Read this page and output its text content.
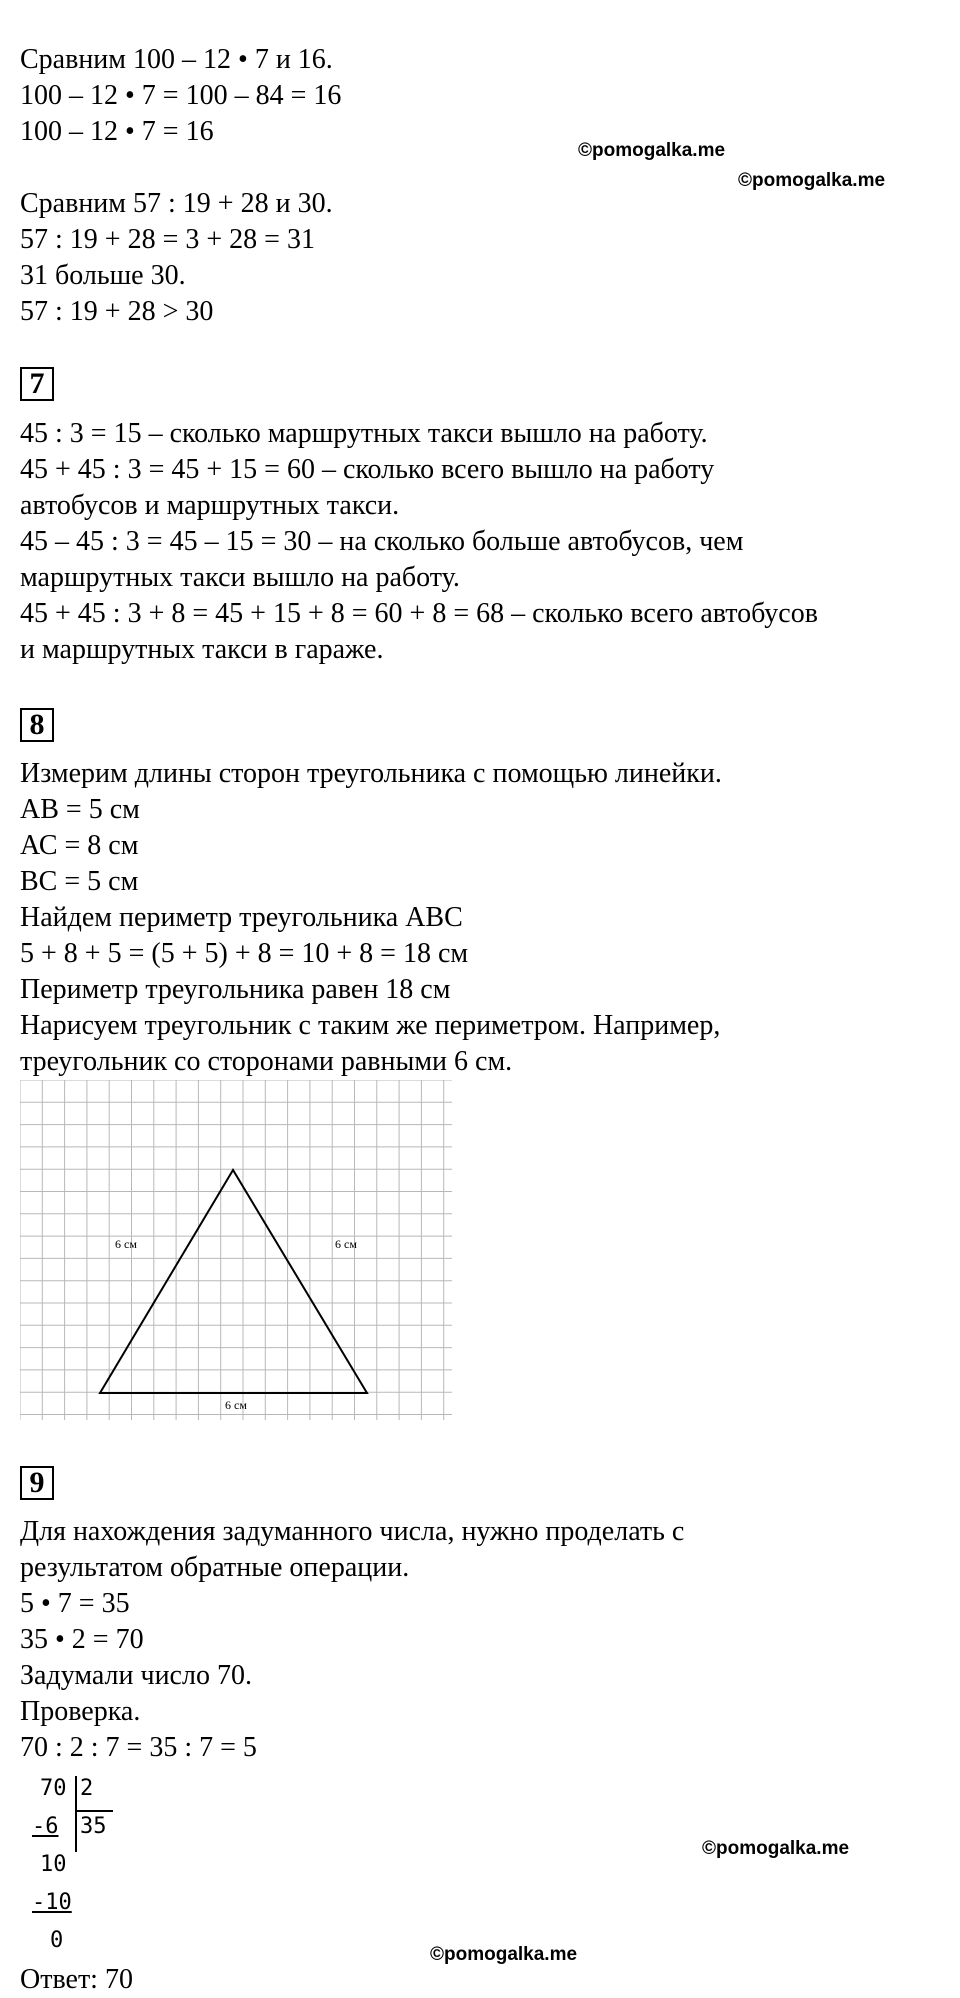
Сравним 100 – 12 • 7 и 16.
100 – 12 • 7 = 100 – 84 = 16
100 – 12 • 7 = 16
©pomogalka.me
©pomogalka.me
Сравним 57 : 19 + 28 и 30.
57 : 19 + 28 = 3 + 28 = 31
31 больше 30.
57 : 19 + 28 > 30
7
45 : 3 = 15 – сколько маршрутных такси вышло на работу.
45 + 45 : 3 = 45 + 15 = 60 – сколько всего вышло на работу
автобусов и маршрутных такси.
45 – 45 : 3 = 45 – 15 = 30 – на сколько больше автобусов, чем
маршрутных такси вышло на работу.
45 + 45 : 3 + 8 = 45 + 15 + 8 = 60 + 8 = 68 – сколько всего автобусов
и маршрутных такси в гараже.
8
Измерим длины сторон треугольника с помощью линейки.
АВ = 5 см
АС = 8 см
ВС = 5 см
Найдем периметр треугольника АВС
5 + 8 + 5 = (5 + 5) + 8 = 10 + 8 = 18 см
Периметр треугольника равен 18 см
Нарисуем треугольник с таким же периметром. Например,
треугольник со сторонами равными 6 см.
6 см	6 см
6 см
9
Для нахождения задуманного числа, нужно проделать с
результатом обратные операции.
5 • 7 = 35
35 • 2 = 70
Задумали число 70.
Проверка.
70 : 2 : 7 = 35 : 7 = 5
70 2
-6 35
10
-10
0
©pomogalka.me
©pomogalka.me
Ответ: 70
